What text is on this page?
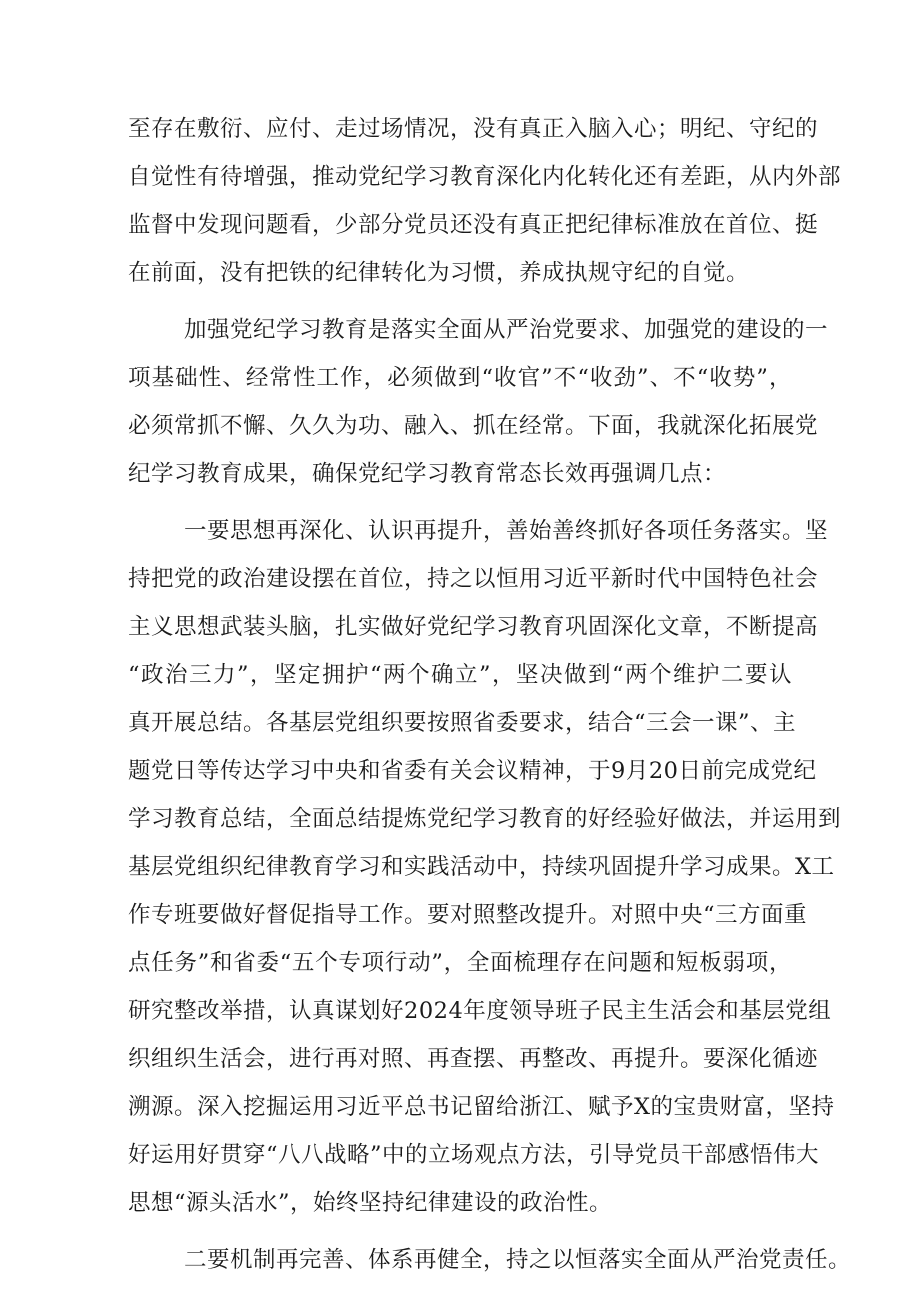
至存在敷衍、应付、走过场情况，没有真正入脑入心；明纪、守纪的
自觉性有待增强，推动党纪学习教育深化内化转化还有差距，从内外部
监督中发现问题看，少部分党员还没有真正把纪律标准放在首位、挺
在前面，没有把铁的纪律转化为习惯，养成执规守纪的自觉。
加强党纪学习教育是落实全面从严治党要求、加强党的建设的一
项基础性、经常性工作，必须做到“收官”不“收劲”、不“收势”，
必须常抓不懈、久久为功、融入、抓在经常。下面，我就深化拓展党
纪学习教育成果，确保党纪学习教育常态长效再强调几点：
一要思想再深化、认识再提升，善始善终抓好各项任务落实。坚
持把党的政治建设摆在首位，持之以恒用习近平新时代中国特色社会
主义思想武装头脑，扎实做好党纪学习教育巩固深化文章，不断提高
“政治三力”，坚定拥护“两个确立”，坚决做到“两个维护二要认
真开展总结。各基层党组织要按照省委要求，结合“三会一课”、主
题党日等传达学习中央和省委有关会议精神，于9月20日前完成党纪
学习教育总结，全面总结提炼党纪学习教育的好经验好做法，并运用到
基层党组织纪律教育学习和实践活动中，持续巩固提升学习成果。X工
作专班要做好督促指导工作。要对照整改提升。对照中央“三方面重
点任务”和省委“五个专项行动”，全面梳理存在问题和短板弱项，
研究整改举措，认真谋划好2024年度领导班子民主生活会和基层党组
织组织生活会，进行再对照、再查摆、再整改、再提升。要深化循迹
溯源。深入挖掘运用习近平总书记留给浙江、赋予X的宝贵财富，坚持
好运用好贯穿“八八战略”中的立场观点方法，引导党员干部感悟伟大
思想“源头活水”，始终坚持纪律建设的政治性。
二要机制再完善、体系再健全，持之以恒落实全面从严治党责任。
